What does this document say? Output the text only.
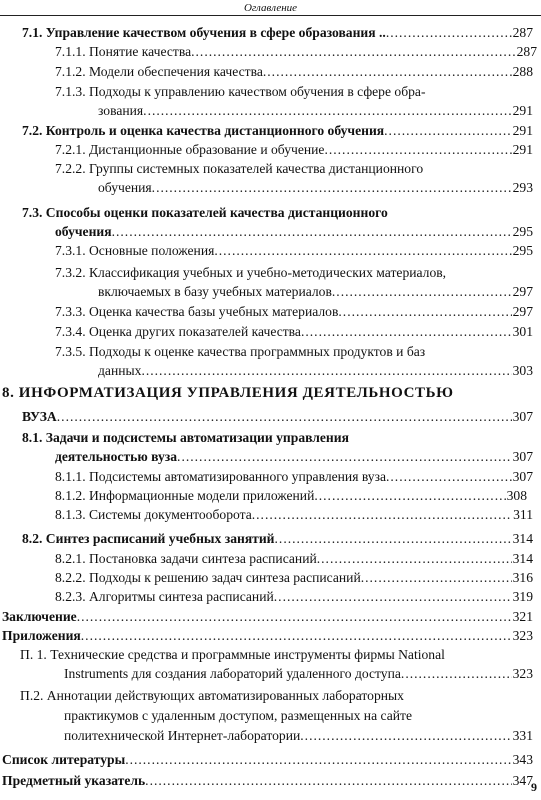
Оглавление
7.1. Управление качеством обучения в сфере образования .. .....	287
7.1.1. Понятие качества .....	287
7.1.2. Модели обеспечения качества .....	288
7.1.3. Подходы к управлению качеством обучения в сфере обра-
зования .....	291
7.2. Контроль и оценка качества дистанционного обучения .....	291
7.2.1. Дистанционные образование и обучение .....	291
7.2.2. Группы системных показателей качества дистанционного
обучения .....	293
7.3. Способы оценки показателей качества дистанционного
обучения .....	295
7.3.1. Основные положения .....	295
7.3.2. Классификация учебных и учебно-методических материалов,
включаемых в базу учебных материалов .....	297
7.3.3. Оценка качества базы учебных материалов .....	297
7.3.4. Оценка других показателей качества .....	301
7.3.5. Подходы к оценке качества программных продуктов и баз
данных .....	303
8. ИНФОРМАТИЗАЦИЯ УПРАВЛЕНИЯ ДЕЯТЕЛЬНОСТЬЮ
ВУЗА .....	307
8.1. Задачи и подсистемы автоматизации управления
деятельностью вуза .....	307
8.1.1. Подсистемы автоматизированного управления вуза .....	307
8.1.2. Информационные модели приложений .....	308
8.1.3. Системы документооборота .....	311
8.2. Синтез расписаний учебных занятий .....	314
8.2.1. Постановка задачи синтеза расписаний .....	314
8.2.2. Подходы к решению задач синтеза расписаний .....	316
8.2.3. Алгоритмы синтеза расписаний .....	319
Заключение .....	321
Приложения .....	323
П. 1. Технические средства и программные инструменты фирмы National
Instruments для создания лабораторий удаленного доступа .....	323
П.2. Аннотации действующих автоматизированных лабораторных
практикумов с удаленным доступом, размещенных на сайте
политехнической Интернет-лаборатории .....	331
Список литературы .....	343
Предметный указатель .....	347
9
